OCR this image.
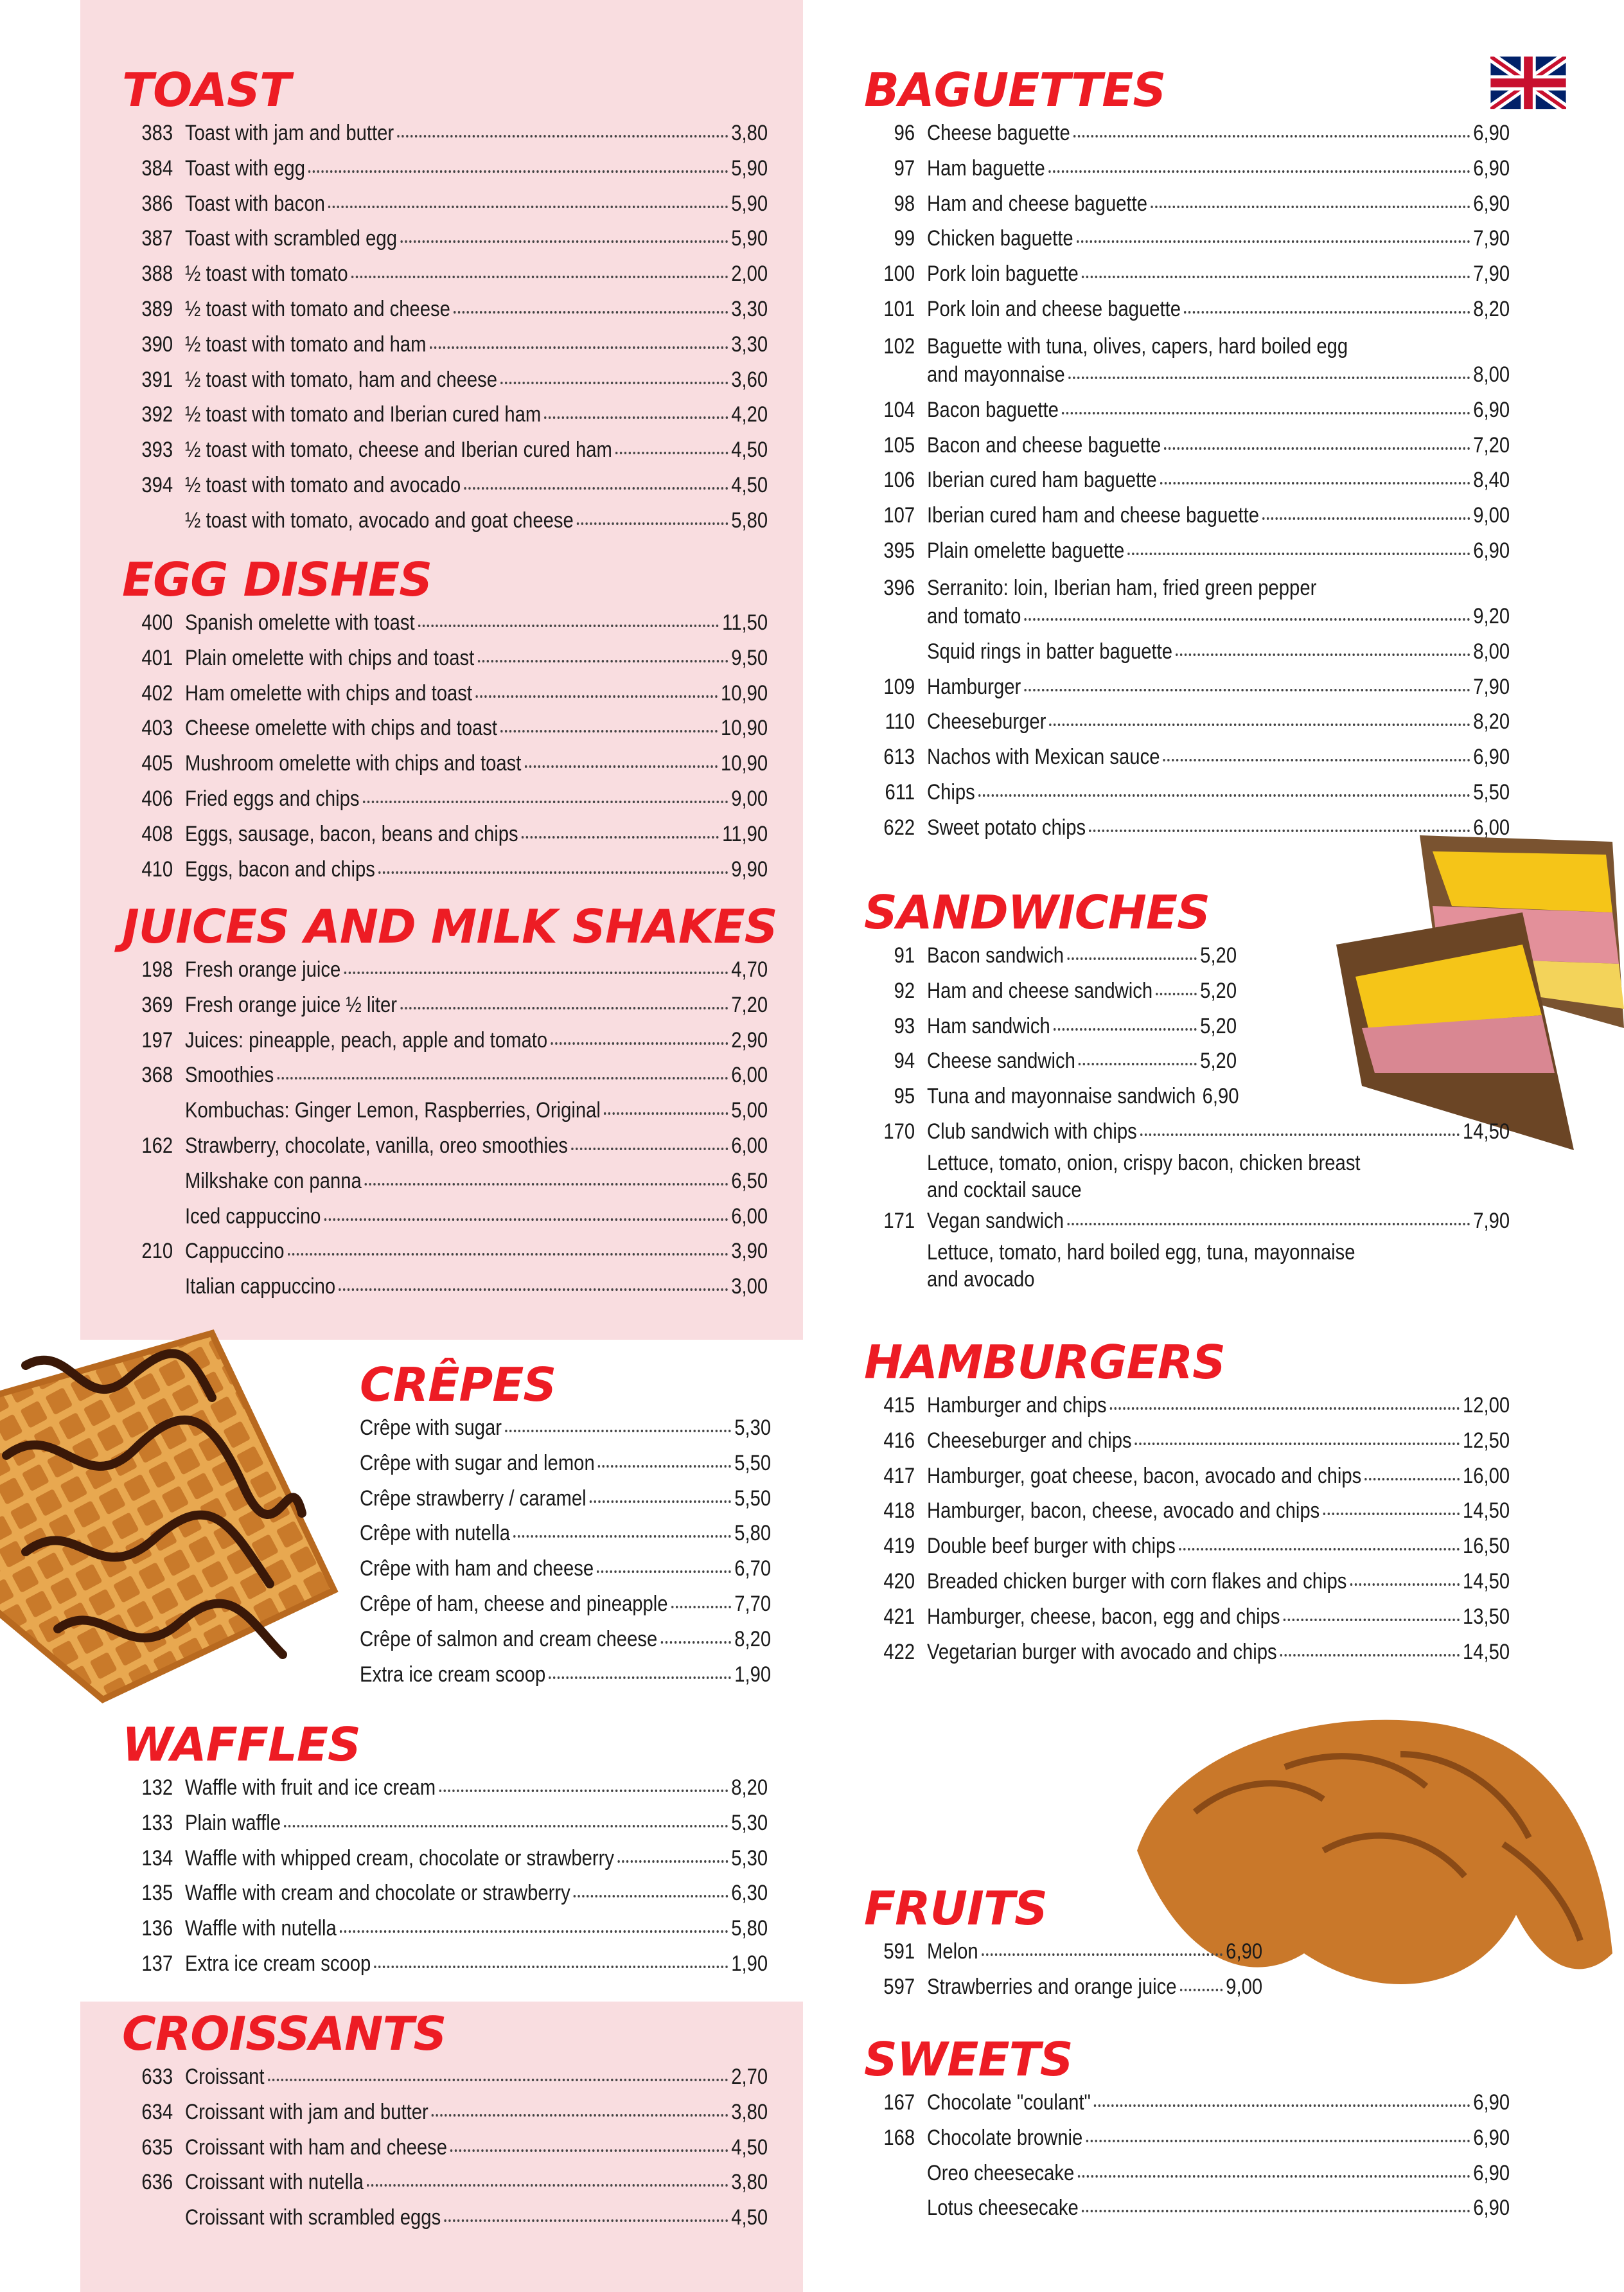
TOAST
383 Toast with jam and butter	3,80
384 Toast with egg	5,90
386 Toast with bacon	5,90
387 Toast with scrambled egg	5,90
388 ½ toast with tomato	2,00
389 ½ toast with tomato and cheese	3,30
390 ½ toast with tomato and ham	3,30
391 ½ toast with tomato, ham and cheese	3,60
392 ½ toast with tomato and Iberian cured ham	4,20
393 ½ toast with tomato, cheese and Iberian cured ham	4,50
394 ½ toast with tomato and avocado	4,50
½ toast with tomato, avocado and goat cheese	5,80
EGG DISHES
400 Spanish omelette with toast	11,50
401 Plain omelette with chips and toast	9,50
402 Ham omelette with chips and toast	10,90
403 Cheese omelette with chips and toast	10,90
405 Mushroom omelette with chips and toast	10,90
406 Fried eggs and chips	9,00
408 Eggs, sausage, bacon, beans and chips	11,90
410 Eggs, bacon and chips	9,90
JUICES AND MILK SHAKES
198 Fresh orange juice	4,70
369 Fresh orange juice ½ liter	7,20
197 Juices: pineapple, peach, apple and tomato	2,90
368 Smoothies	6,00
Kombuchas: Ginger Lemon, Raspberries, Original	5,00
162 Strawberry, chocolate, vanilla, oreo smoothies	6,00
Milkshake con panna	6,50
Iced cappuccino	6,00
210 Cappuccino	3,90
Italian cappuccino	3,00
CRÊPES
Crêpe with sugar	5,30
Crêpe with sugar and lemon	5,50
Crêpe strawberry / caramel	5,50
Crêpe with nutella	5,80
Crêpe with ham and cheese	6,70
Crêpe of ham, cheese and pineapple	7,70
Crêpe of salmon and cream cheese	8,20
Extra ice cream scoop	1,90
WAFFLES
132 Waffle with fruit and ice cream	8,20
133 Plain waffle	5,30
134 Waffle with whipped cream, chocolate or strawberry	5,30
135 Waffle with cream and chocolate or strawberry	6,30
136 Waffle with nutella	5,80
137 Extra ice cream scoop	1,90
CROISSANTS
633 Croissant	2,70
634 Croissant with jam and butter	3,80
635 Croissant with ham and cheese	4,50
636 Croissant with nutella	3,80
Croissant with scrambled eggs	4,50
BAGUETTES
96 Cheese baguette	6,90
97 Ham baguette	6,90
98 Ham and cheese baguette	6,90
99 Chicken baguette	7,90
100 Pork loin baguette	7,90
101 Pork loin and cheese baguette	8,20
102 Baguette with tuna, olives, capers, hard boiled egg
and mayonnaise	8,00
104 Bacon baguette	6,90
105 Bacon and cheese baguette	7,20
106 Iberian cured ham baguette	8,40
107 Iberian cured ham and cheese baguette	9,00
395 Plain omelette baguette	6,90
396 Serranito: loin, Iberian ham, fried green pepper
and tomato	9,20
Squid rings in batter baguette	8,00
109 Hamburger	7,90
110 Cheeseburger	8,20
613 Nachos with Mexican sauce	6,90
611 Chips	5,50
622 Sweet potato chips	6,00
SANDWICHES
91 Bacon sandwich	5,20
92 Ham and cheese sandwich 5,20
93 Ham sandwich	5,20
94 Cheese sandwich	5,20
95 Tuna and mayonnaise sandwich 6,90
170 Club sandwich with chips	14,50
Lettuce, tomato, onion, crispy bacon, chicken breast
and cocktail sauce
171 Vegan sandwich	7,90
Lettuce, tomato, hard boiled egg, tuna, mayonnaise
and avocado
HAMBURGERS
415 Hamburger and chips	12,00
416 Cheeseburger and chips	12,50
417 Hamburger, goat cheese, bacon, avocado and chips	16,00
418 Hamburger, bacon, cheese, avocado and chips	14,50
419 Double beef burger with chips	16,50
420 Breaded chicken burger with corn flakes and chips	14,50
421 Hamburger, cheese, bacon, egg and chips	13,50
422 Vegetarian burger with avocado and chips	14,50
FRUITS
591 Melon	6,90
597 Strawberries and orange juice 9,00
SWEETS
167 Chocolate "coulant"	6,90
168 Chocolate brownie	6,90
Oreo cheesecake	6,90
Lotus cheesecake	6,90
